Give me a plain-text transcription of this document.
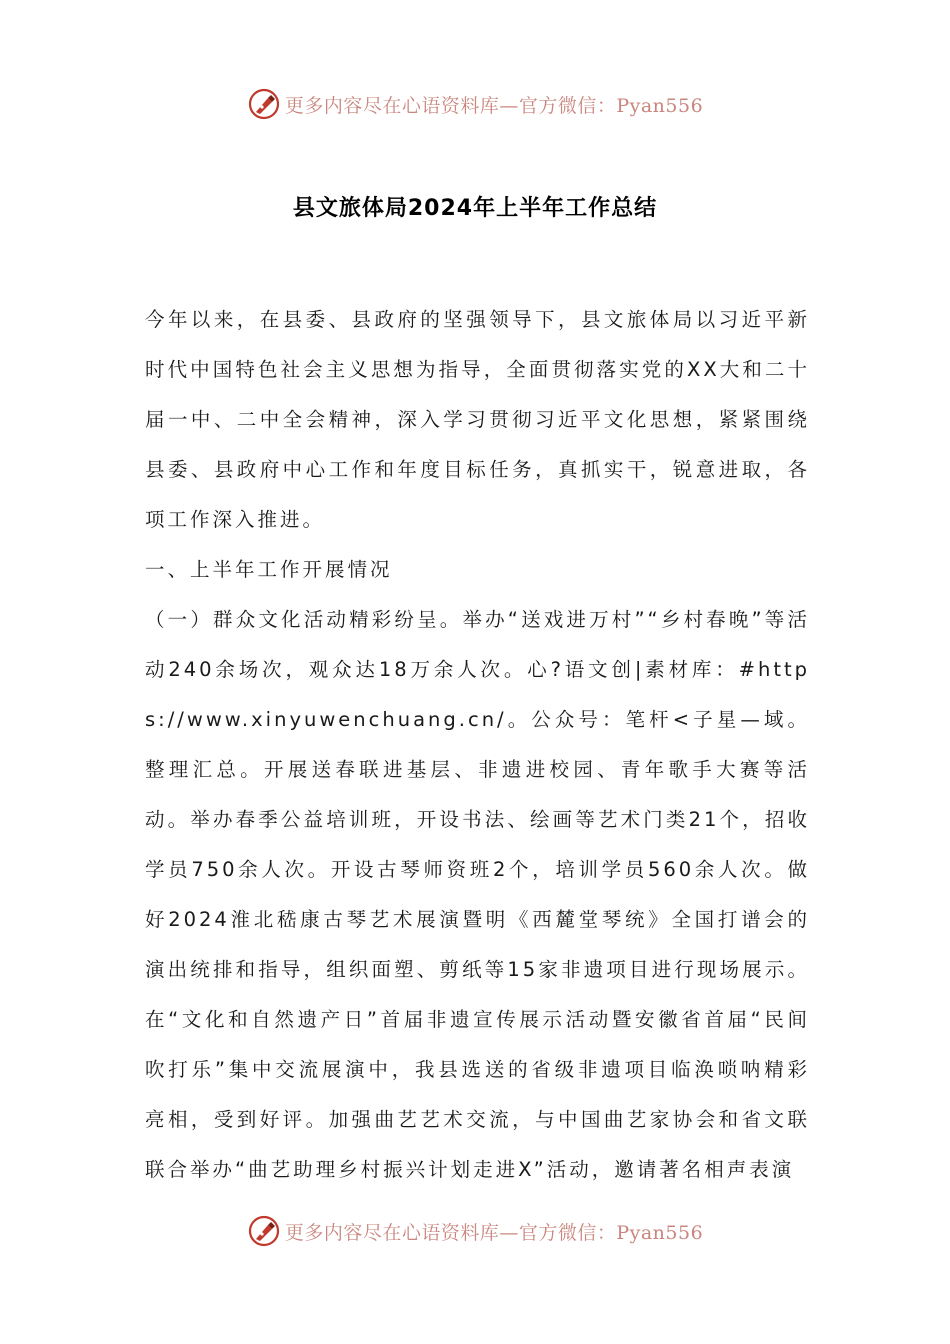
更多内容尽在心语资料库—官方微信：Pyan556
县文旅体局2024年上半年工作总结

今年以来，在县委、县政府的坚强领导下，县文旅体局以习近平新时代中国特色社会主义思想为指导，全面贯彻落实党的XX大和二十届一中、二中全会精神，深入学习贯彻习近平文化思想，紧紧围绕县委、县政府中心工作和年度目标任务，真抓实干，锐意进取，各项工作深入推进。

一、上半年工作开展情况

（一）群众文化活动精彩纷呈。举办“送戏进万村”“乡村春晚”等活动240余场次，观众达18万余人次。心?语文创|素材库：#https://www.xinyuwenchuang.cn/。公众号：笔杆<子星—域。整理汇总。开展送春联进基层、非遗进校园、青年歌手大赛等活动。举办春季公益培训班，开设书法、绘画等艺术门类21个，招收学员750余人次。开设古琴师资班2个，培训学员560余人次。做好2024淮北嵇康古琴艺术展演暨明《西麓堂琴统》全国打谱会的演出统排和指导，组织面塑、剪纸等15家非遗项目进行现场展示。在“文化和自然遗产日”首届非遗宣传展示活动暨安徽省首届“民间吹打乐”集中交流展演中，我县选送的省级非遗项目临涣唢呐精彩亮相，受到好评。加强曲艺艺术交流，与中国曲艺家协会和省文联联合举办“曲艺助理乡村振兴计划走进X”活动，邀请著名相声表演

更多内容尽在心语资料库—官方微信：Pyan556
